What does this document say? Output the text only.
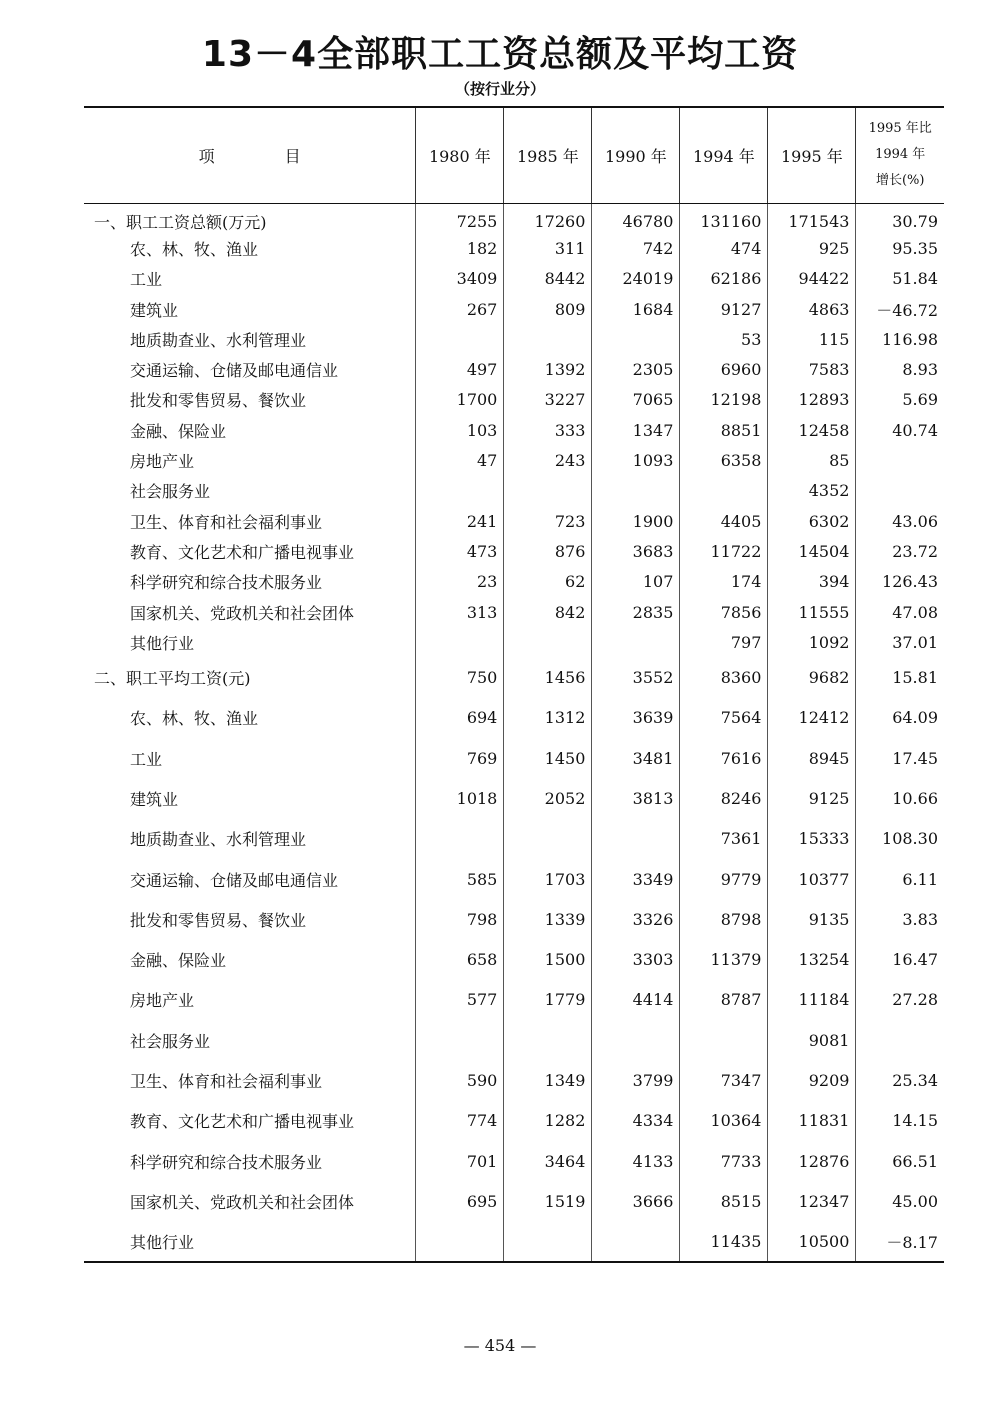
13－4全部职工工资总额及平均工资
（按行业分）
项 目	1980 年	1985 年	1990 年	1994 年	1995 年	1995 年比
1994 年
增长(%)
一、职工工资总额(万元)	7255	17260	46780	131160	171543	30.79
农、林、牧、渔业	182	311	742	474	925	95.35
工业	3409	8442	24019	62186	94422	51.84
建筑业	267	809	1684	9127	4863	－46.72
地质勘查业、水利管理业				53	115	116.98
交通运输、仓储及邮电通信业	497	1392	2305	6960	7583	8.93
批发和零售贸易、餐饮业	1700	3227	7065	12198	12893	5.69
金融、保险业	103	333	1347	8851	12458	40.74
房地产业	47	243	1093	6358	85	
社会服务业					4352	
卫生、体育和社会福利事业	241	723	1900	4405	6302	43.06
教育、文化艺术和广播电视事业	473	876	3683	11722	14504	23.72
科学研究和综合技术服务业	23	62	107	174	394	126.43
国家机关、党政机关和社会团体	313	842	2835	7856	11555	47.08
其他行业				797	1092	37.01
二、职工平均工资(元)	750	1456	3552	8360	9682	15.81
农、林、牧、渔业	694	1312	3639	7564	12412	64.09
工业	769	1450	3481	7616	8945	17.45
建筑业	1018	2052	3813	8246	9125	10.66
地质勘查业、水利管理业				7361	15333	108.30
交通运输、仓储及邮电通信业	585	1703	3349	9779	10377	6.11
批发和零售贸易、餐饮业	798	1339	3326	8798	9135	3.83
金融、保险业	658	1500	3303	11379	13254	16.47
房地产业	577	1779	4414	8787	11184	27.28
社会服务业					9081	
卫生、体育和社会福利事业	590	1349	3799	7347	9209	25.34
教育、文化艺术和广播电视事业	774	1282	4334	10364	11831	14.15
科学研究和综合技术服务业	701	3464	4133	7733	12876	66.51
国家机关、党政机关和社会团体	695	1519	3666	8515	12347	45.00
其他行业				11435	10500	－8.17
— 454 —
